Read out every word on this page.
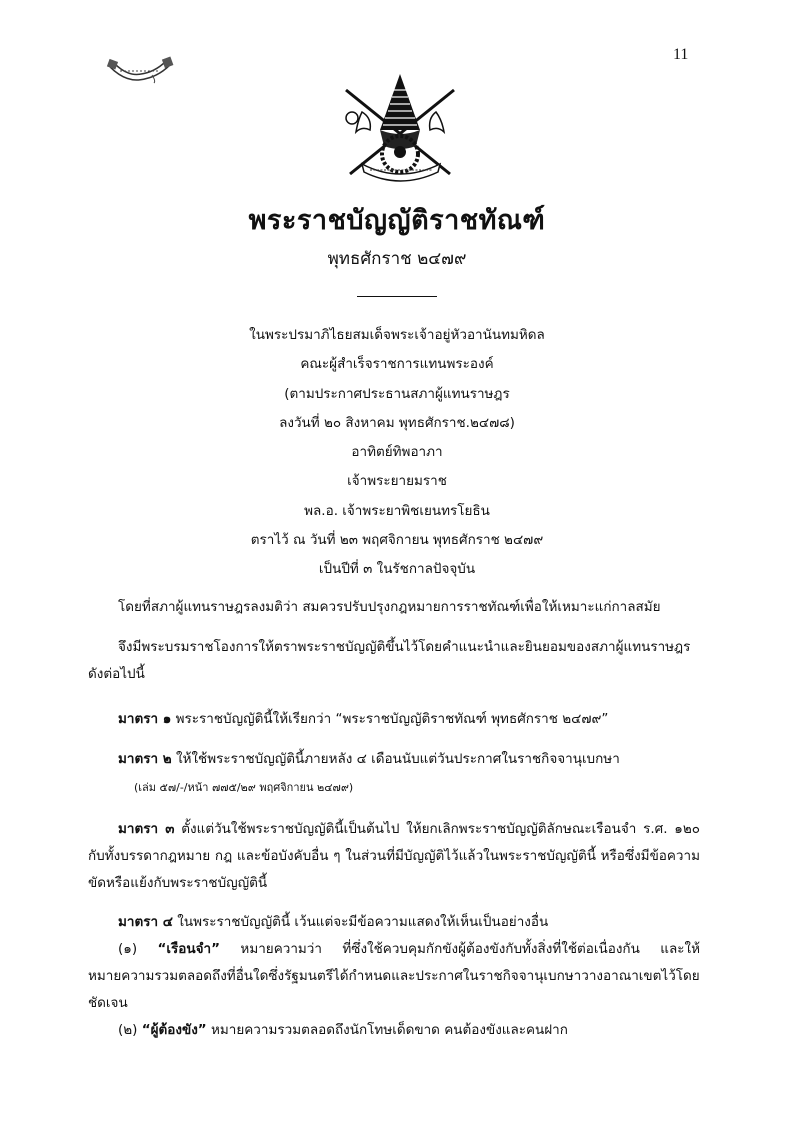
11
พระราชบัญญัติราชทัณฑ์
พุทธศักราช ๒๔๗๙
ในพระปรมาภิไธยสมเด็จพระเจ้าอยู่หัวอานันทมหิดล
คณะผู้สำเร็จราชการแทนพระองค์
(ตามประกาศประธานสภาผู้แทนราษฎร
ลงวันที่ ๒๐ สิงหาคม พุทธศักราช.๒๔๗๘)
อาทิตย์ทิพอาภา
เจ้าพระยายมราช
พล.อ. เจ้าพระยาพิชเยนทรโยธิน
ตราไว้ ณ วันที่ ๒๓ พฤศจิกายน พุทธศักราช ๒๔๗๙
เป็นปีที่ ๓ ในรัชกาลปัจจุบัน
โดยที่สภาผู้แทนราษฎรลงมติว่า สมควรปรับปรุงกฎหมายการราชทัณฑ์เพื่อให้เหมาะแก่กาลสมัย
จึงมีพระบรมราชโองการให้ตราพระราชบัญญัติขึ้นไว้โดยคำแนะนำและยินยอมของสภาผู้แทนราษฎร ดังต่อไปนี้
มาตรา ๑ พระราชบัญญัตินี้ให้เรียกว่า “พระราชบัญญัติราชทัณฑ์ พุทธศักราช ๒๔๗๙”
มาตรา ๒ ให้ใช้พระราชบัญญัตินี้ภายหลัง ๔ เดือนนับแต่วันประกาศในราชกิจจานุเบกษา
(เล่ม ๕๗/-/หน้า ๗๗๕/๒๙ พฤศจิกายน ๒๔๗๙)
มาตรา ๓ ตั้งแต่วันใช้พระราชบัญญัตินี้เป็นต้นไป ให้ยกเลิกพระราชบัญญัติลักษณะเรือนจำ ร.ศ. ๑๒๐ กับทั้งบรรดากฎหมาย กฎ และข้อบังคับอื่น ๆ ในส่วนที่มีบัญญัติไว้แล้วในพระราชบัญญัตินี้ หรือซึ่งมีข้อความขัดหรือแย้งกับพระราชบัญญัตินี้
มาตรา ๔ ในพระราชบัญญัตินี้ เว้นแต่จะมีข้อความแสดงให้เห็นเป็นอย่างอื่น
(๑) “เรือนจำ” หมายความว่า ที่ซึ่งใช้ควบคุมกักขังผู้ต้องขังกับทั้งสิ่งที่ใช้ต่อเนื่องกัน และให้หมายความรวมตลอดถึงที่อื่นใดซึ่งรัฐมนตรีได้กำหนดและประกาศในราชกิจจานุเบกษาวางอาณาเขตไว้โดยชัดเจน
(๒) “ผู้ต้องขัง” หมายความรวมตลอดถึงนักโทษเด็ดขาด คนต้องขังและคนฝาก
